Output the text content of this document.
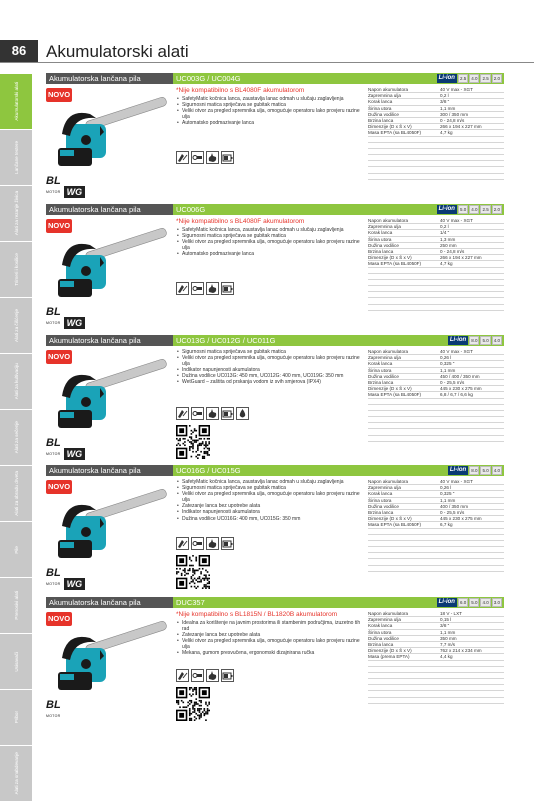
86	Akumulatorski alati
Akumulatorski alati
Lančane testere
Alati za rezanje živica
Trimeri i kosilice
Alati za čišćenje
Alati za kultivaciju
Alati za sečenje
Alati za obradu drveta
Pile
Prenosivi alati
Usisavači
Pribor
Alati za snabdevanje
Akumulatorska lančana pila	UC003G / UC004G	Li-ion	2.5	4.0	2.5	2.0
NOVO
BL
MOTOR WG
*Nije kompatibilno s BL4080F akumulatorom
• SafetyMatic kočnica lanca, zaustavlja lanac odmah u slučaju zaglavljenja
• Sigurnosni matica spriječava se gubitak matica
• Veliki otvor za pregled spremnika ulja, omogućuje operatoru lako provjeru razine ulja
• Automatsko podmazivanje lanca
Napon akumulatora	40 V max - XGT
Zapremnina ulja	0,2 l
Korak lanca	3/8 "
Širina utora	1,1 mm
Dužina vodilice	300 / 350 mm
Brzina lanca	0 - 24,8 m/s
Dimenzije (D x Š x V)	266 x 194 x 227 mm
Masa EPTA (sa BL4050F)	4,7 kg
Akumulatorska lančana pila	UC006G	Li-ion	5.0	4.0	2.5	2.0
NOVO
BL
MOTOR WG
*Nije kompatibilno s BL4080F akumulatorom
• SafetyMatic kočnica lanca, zaustavlja lanac odmah u slučaju zaglavljenja
• Sigurnosni matica spriječava se gubitak matica
• Veliki otvor za pregled spremnika ulja, omogućuje operatoru lako provjeru razine ulja
• Automatsko podmazivanje lanca
Napon akumulatora	40 V max - XGT
Zapremnina ulja	0,2 l
Korak lanca	1/4 "
Širina utora	1,3 mm
Dužina vodilice	250 mm
Brzina lanca	0 - 24,8 m/s
Dimenzije (D x Š x V)	266 x 194 x 227 mm
Masa EPTA (sa BL4050F)	4,7 kg
Akumulatorska lančana pila	UC013G / UC012G / UC011G	Li-ion	8.0	5.0	4.0
NOVO
BL
MOTOR WG
• Sigurnosni matica spriječava se gubitak matica
• Veliki otvor za pregled spremnika ulja, omogućuje operatoru lako provjeru razine ulja
• Indikator napunjenosti akumulatora
• Dužina vodilice UC013G: 450 mm, UC012G: 400 mm, UC019G: 350 mm
• WetGuard – zaštita od prskanja vodom iz svih smjerova (IPX4)
Napon akumulatora	40 V max - XGT
Zapremnina ulja	0,26 l
Korak lanca	0,325 "
Širina utora	1,1 mm
Dužina vodilice	450 / 400 / 350 mm
Brzina lanca	0 - 25,5 m/s
Dimenzije (D x Š x V)	445 x 230 x 275 mm
Masa EPTA (sa BL4050F)	6,8 / 6,7 / 6,6 kg
Akumulatorska lančana pila	UC016G / UC015G	Li-ion	8.0	5.0	4.0
NOVO
BL
MOTOR WG
• SafetyMatic kočnica lanca, zaustavlja lanac odmah u slučaju zaglavljenja
• Sigurnosni matica spriječava se gubitak matica
• Veliki otvor za pregled spremnika ulja, omogućuje operatoru lako provjeru razine ulja
• Zatezanje lanca bez upotrebe alata
• Indikator napunjenosti akumulatora
• Dužina vodilice UC016G: 400 mm, UC015G: 350 mm
Napon akumulatora	40 V max - XGT
Zapremnina ulja	0,26 l
Korak lanca	0,325 "
Širina utora	1,1 mm
Dužina vodilice	400 / 350 mm
Brzina lanca	0 - 25,5 m/s
Dimenzije (D x Š x V)	445 x 230 x 275 mm
Masa EPTA (sa BL4050F)	6,7 kg
Akumulatorska lančana pila	DUC357	Li-ion	6.0	5.0	4.0	3.0
NOVO
BL
MOTOR
*Nije kompatibilno s BL1815N / BL1820B akumulatorom
• Idealna za korištenje na javnim prostorima ili stambenim područjima, izuzetno tih rad
• Zatezanje lanca bez upotrebe alata
• Veliki otvor za pregled spremnika ulja, omogućuje operatoru lako provjeru razine ulja
• Mekana, gumom presvučena, ergonomski dizajnirana ručka
Napon akumulatora	18 V - LXT
Zapremnina ulja	0,15 l
Korak lanca	3/8 "
Širina utora	1,1 mm
Dužina vodilice	350 mm
Brzina lanca	7,7 m/s
Dimenzije (D x Š x V)	762 x 214 x 234 mm
Masa (prema EPTA)	4,4 kg
